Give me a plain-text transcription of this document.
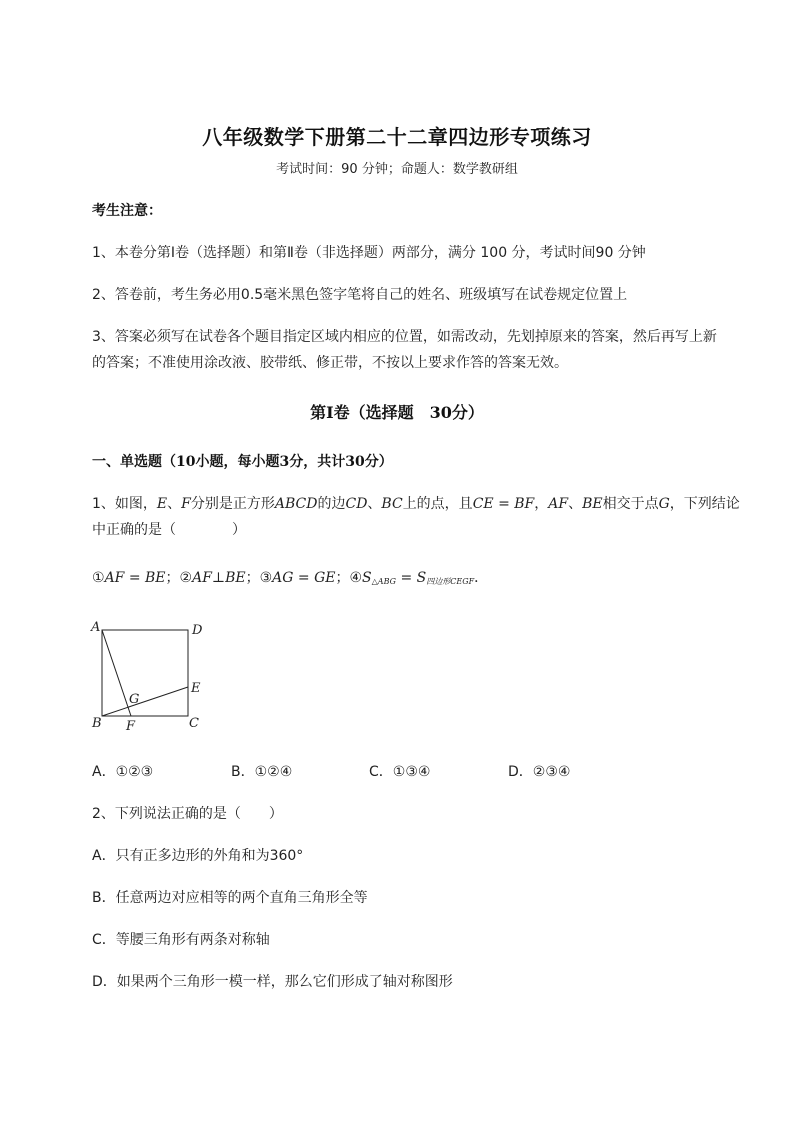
八年级数学下册第二十二章四边形专项练习
考试时间：90 分钟；命题人：数学教研组
考生注意：
1、本卷分第Ⅰ卷（选择题）和第Ⅱ卷（非选择题）两部分，满分 100 分，考试时间90 分钟
2、答卷前，考生务必用0.5毫米黑色签字笔将自己的姓名、班级填写在试卷规定位置上
3、答案必须写在试卷各个题目指定区域内相应的位置，如需改动，先划掉原来的答案，然后再写上新
的答案；不准使用涂改液、胶带纸、修正带，不按以上要求作答的答案无效。
第Ⅰ卷（选择题　30分）
一、单选题（10小题，每小题3分，共计30分）
1、如图，E、F分别是正方形ABCD的边CD、BC上的点，且CE = BF，AF、BE相交于点G，下列结论
中正确的是（　　　　）
①AF = BE；②AF⊥BE；③AG = GE；$④S_{\triangle ABG} = S_{四边形CEGF}$．
A	D
E
G
B F	C
A．①②③	B．①②④	C．①③④	D．②③④
2、下列说法正确的是（　　）
A．只有正多边形的外角和为360°
B．任意两边对应相等的两个直角三角形全等
C．等腰三角形有两条对称轴
D．如果两个三角形一模一样，那么它们形成了轴对称图形
